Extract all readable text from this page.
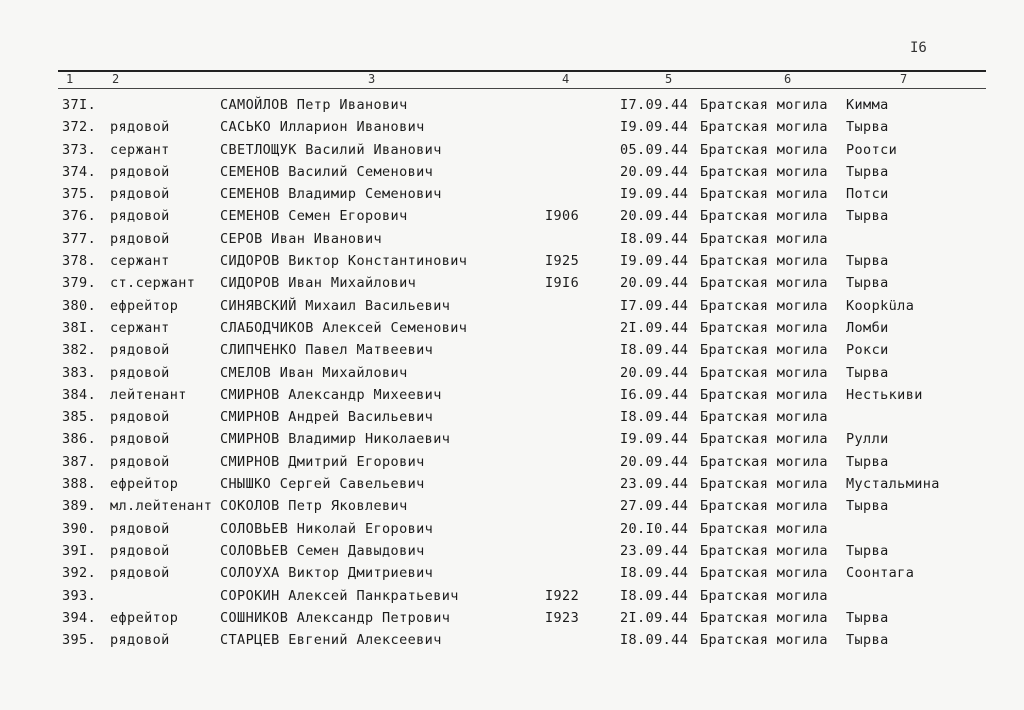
I6
1	2	3	4	5	6	7
37I.	САМОЙЛОВ Петр Иванович	I7.09.44 Братская могила Кимма
372. рядовой	САСЬКО Илларион Иванович	I9.09.44 Братская могила Тырва
373. сержант	СВЕТЛОЩУК Василий Иванович	05.09.44 Братская могила Роотси
374. рядовой	СЕМЕНОВ Василий Семенович	20.09.44 Братская могила Тырва
375. рядовой	СЕМЕНОВ Владимир Семенович	I9.09.44 Братская могила Потси
376. рядовой	СЕМЕНОВ Семен Егорович	I906	20.09.44 Братская могила Тырва
377. рядовой	СЕРОВ Иван Иванович	I8.09.44 Братская могила
378. сержант	СИДОРОВ Виктор Константинович	I925	I9.09.44 Братская могила Тырва
379. ст.сержант СИДОРОВ Иван Михайлович	I9I6	20.09.44 Братская могила Тырва
380. ефрейтор	СИНЯВСКИЙ Михаил Васильевич	I7.09.44 Братская могила Коорküла
38I. сержант	СЛАБОДЧИКОВ Алексей Семенович	2I.09.44 Братская могила Ломби
382. рядовой	СЛИПЧЕНКО Павел Матвеевич	I8.09.44 Братская могила Рокси
383. рядовой	СМЕЛОВ Иван Михайлович	20.09.44 Братская могила Тырва
384. лейтенант СМИРНОВ Александр Михеевич	I6.09.44 Братская могила Нестькиви
385. рядовой	СМИРНОВ Андрей Васильевич	I8.09.44 Братская могила
386. рядовой	СМИРНОВ Владимир Николаевич	I9.09.44 Братская могила Рулли
387. рядовой	СМИРНОВ Дмитрий Егорович	20.09.44 Братская могила Тырва
388. ефрейтор	СНЫШКО Сергей Савельевич	23.09.44 Братская могила Мустальмина
389. мл.лейтенант СОКОЛОВ Петр Яковлевич	27.09.44 Братская могила Тырва
390. рядовой	СОЛОВЬЕВ Николай Егорович	20.I0.44 Братская могила
39I. рядовой	СОЛОВЬЕВ Семен Давыдович	23.09.44 Братская могила Тырва
392. рядовой	СОЛОУХА Виктор Дмитриевич	I8.09.44 Братская могила Соонтага
393.	СОРОКИН Алексей Панкратьевич	I922	I8.09.44 Братская могила
394. ефрейтор	СОШНИКОВ Александр Петрович	I923	2I.09.44 Братская могила Тырва
395. рядовой	СТАРЦЕВ Евгений Алексеевич	I8.09.44 Братская могила Тырва
